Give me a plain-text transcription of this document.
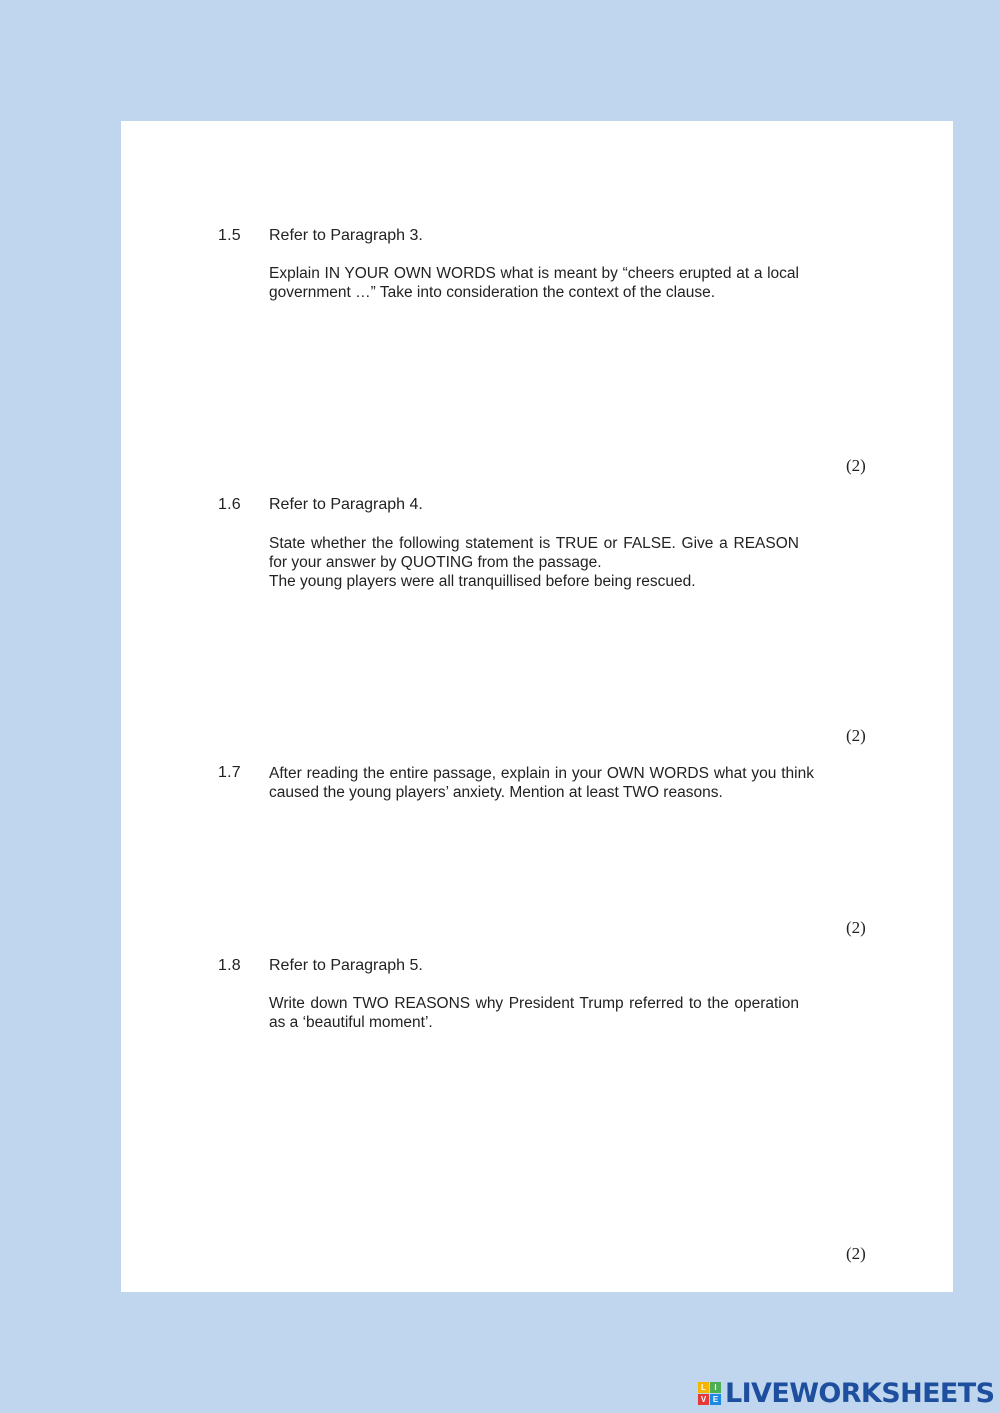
1.5 Refer to Paragraph 3.

Explain IN YOUR OWN WORDS what is meant by “cheers erupted at a local government …” Take into consideration the context of the clause.

(2)
1.6 Refer to Paragraph 4.

State whether the following statement is TRUE or FALSE. Give a REASON for your answer by QUOTING from the passage.

The young players were all tranquillised before being rescued.

(2)
1.7 After reading the entire passage, explain in your OWN WORDS what you think caused the young players’ anxiety. Mention at least TWO reasons.

(2)
1.8 Refer to Paragraph 5.

Write down TWO REASONS why President Trump referred to the operation as a ‘beautiful moment’.

(2)
L	I
V E LIVEWORKSHEETS
